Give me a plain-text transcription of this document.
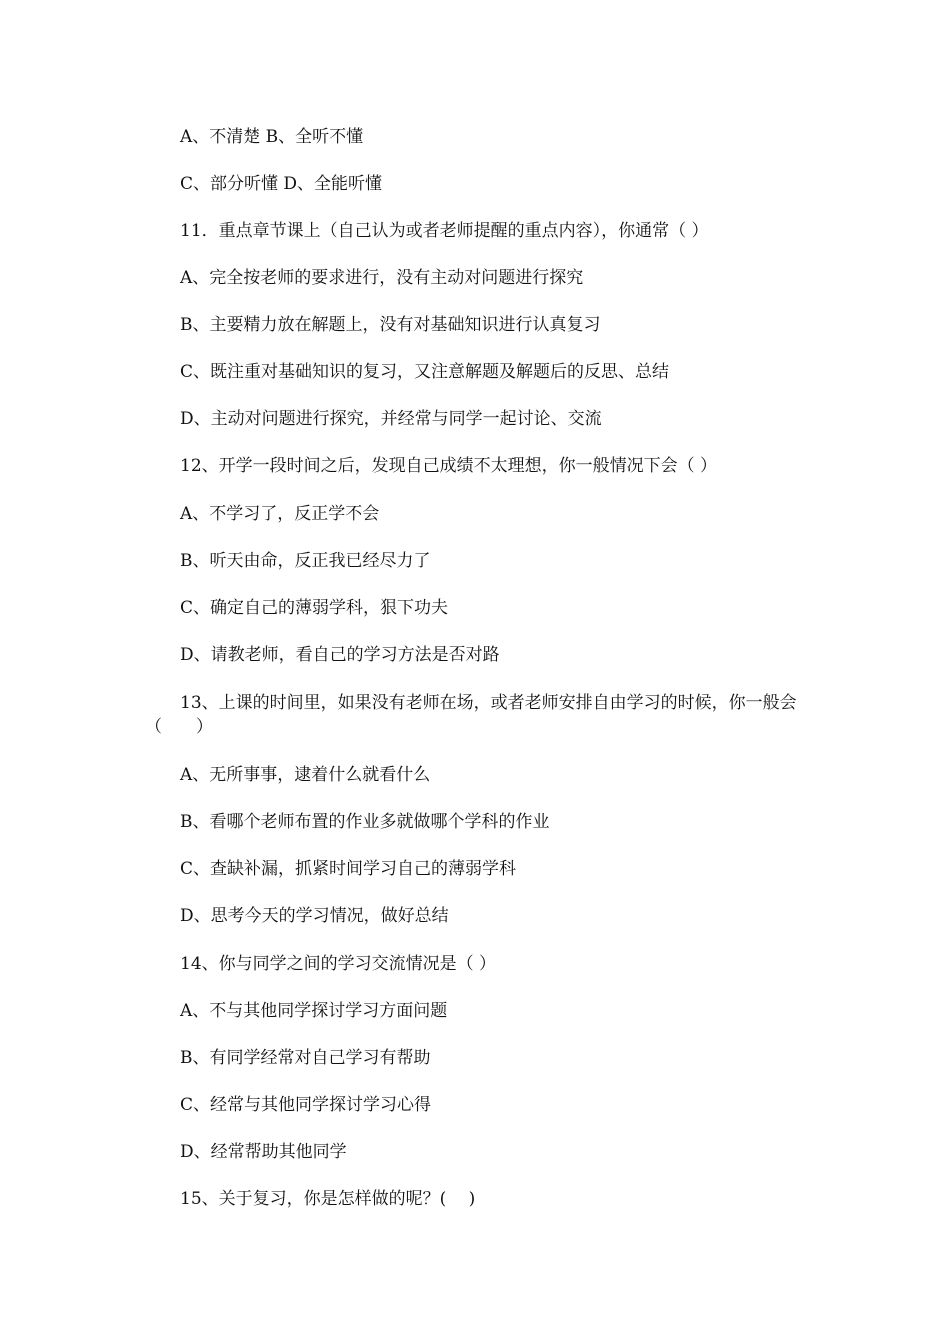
A、不清楚 B、全听不懂
C、部分听懂 D、全能听懂
11．重点章节课上（自己认为或者老师提醒的重点内容），你通常（ ）
A、完全按老师的要求进行，没有主动对问题进行探究
B、主要精力放在解题上，没有对基础知识进行认真复习
C、既注重对基础知识的复习，又注意解题及解题后的反思、总结
D、主动对问题进行探究，并经常与同学一起讨论、交流
12、开学一段时间之后，发现自己成绩不太理想，你一般情况下会（ ）
A、不学习了，反正学不会
B、听天由命，反正我已经尽力了
C、确定自己的薄弱学科，狠下功夫
D、请教老师，看自己的学习方法是否对路
13、上课的时间里，如果没有老师在场，或者老师安排自由学习的时候，你一般会（　　）
A、无所事事，逮着什么就看什么
B、看哪个老师布置的作业多就做哪个学科的作业
C、查缺补漏，抓紧时间学习自己的薄弱学科
D、思考今天的学习情况，做好总结
14、你与同学之间的学习交流情况是（ ）
A、不与其他同学探讨学习方面问题
B、有同学经常对自己学习有帮助
C、经常与其他同学探讨学习心得
D、经常帮助其他同学
15、关于复习，你是怎样做的呢？(　 )
